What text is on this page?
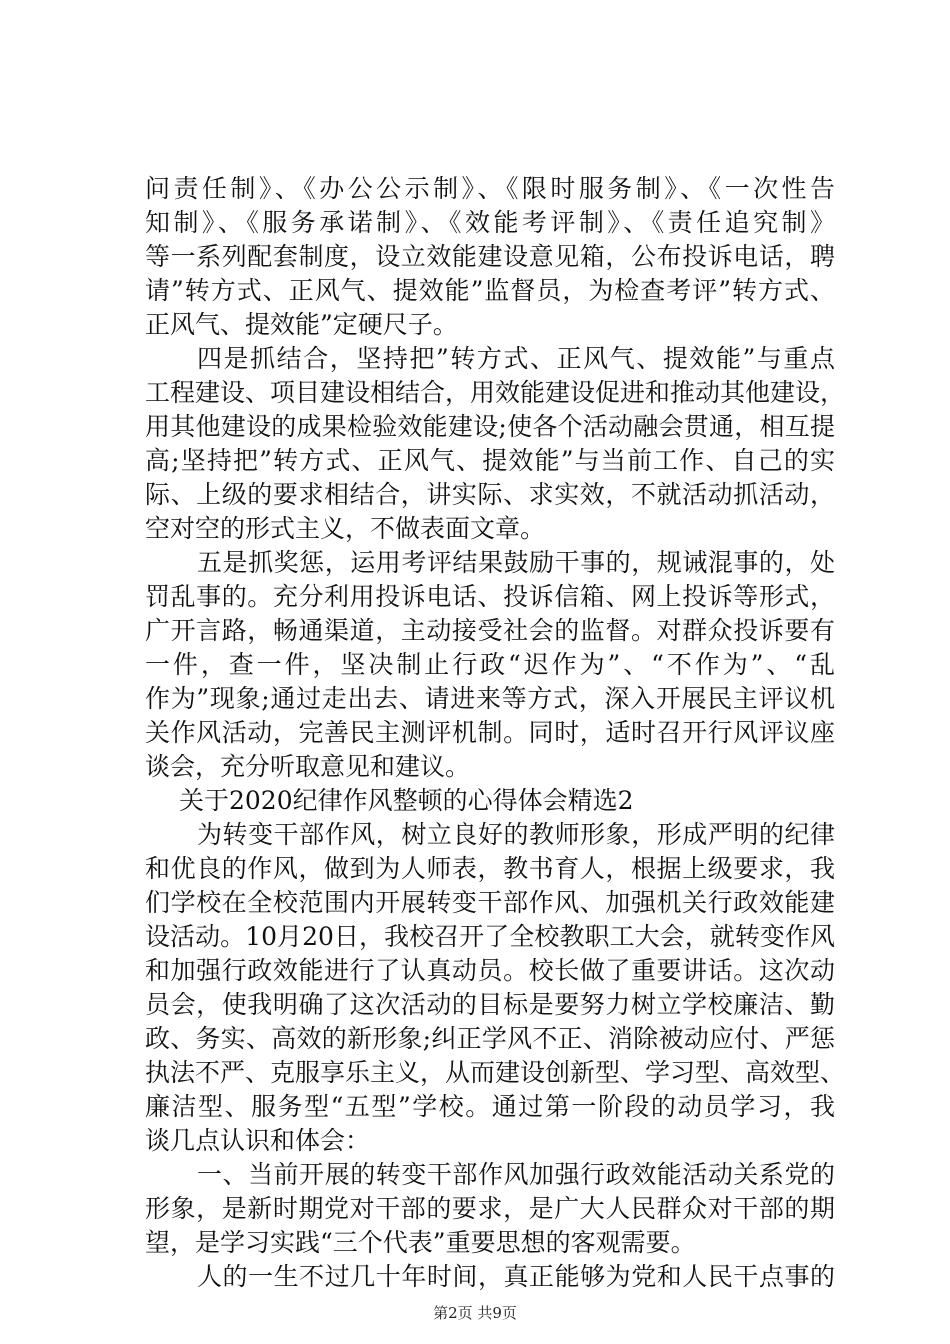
问责任制》、《办公公示制》、《限时服务制》、《一次性告
知制》、《服务承诺制》、《效能考评制》、《责任追究制》
等一系列配套制度，设立效能建设意见箱，公布投诉电话，聘
请”转方式、正风气、提效能”监督员，为检查考评”转方式、
正风气、提效能”定硬尺子。
四是抓结合，坚持把”转方式、正风气、提效能”与重点
工程建设、项目建设相结合，用效能建设促进和推动其他建设，
用其他建设的成果检验效能建设;使各个活动融会贯通，相互提
高;坚持把”转方式、正风气、提效能”与当前工作、自己的实
际、上级的要求相结合，讲实际、求实效，不就活动抓活动，
空对空的形式主义，不做表面文章。
五是抓奖惩，运用考评结果鼓励干事的，规诫混事的，处
罚乱事的。充分利用投诉电话、投诉信箱、网上投诉等形式，
广开言路，畅通渠道，主动接受社会的监督。对群众投诉要有
一件，查一件，坚决制止行政“迟作为”、“不作为”、“乱
作为”现象;通过走出去、请进来等方式，深入开展民主评议机
关作风活动，完善民主测评机制。同时，适时召开行风评议座
谈会，充分听取意见和建议。
关于2020纪律作风整顿的心得体会精选2
为转变干部作风，树立良好的教师形象，形成严明的纪律
和优良的作风，做到为人师表，教书育人，根据上级要求，我
们学校在全校范围内开展转变干部作风、加强机关行政效能建
设活动。10月20日，我校召开了全校教职工大会，就转变作风
和加强行政效能进行了认真动员。校长做了重要讲话。这次动
员会，使我明确了这次活动的目标是要努力树立学校廉洁、勤
政、务实、高效的新形象;纠正学风不正、消除被动应付、严惩
执法不严、克服享乐主义，从而建设创新型、学习型、高效型、
廉洁型、服务型“五型”学校。通过第一阶段的动员学习，我
谈几点认识和体会：
一、当前开展的转变干部作风加强行政效能活动关系党的
形象，是新时期党对干部的要求，是广大人民群众对干部的期
望，是学习实践“三个代表”重要思想的客观需要。
人的一生不过几十年时间，真正能够为党和人民干点事的
第2页 共9页
